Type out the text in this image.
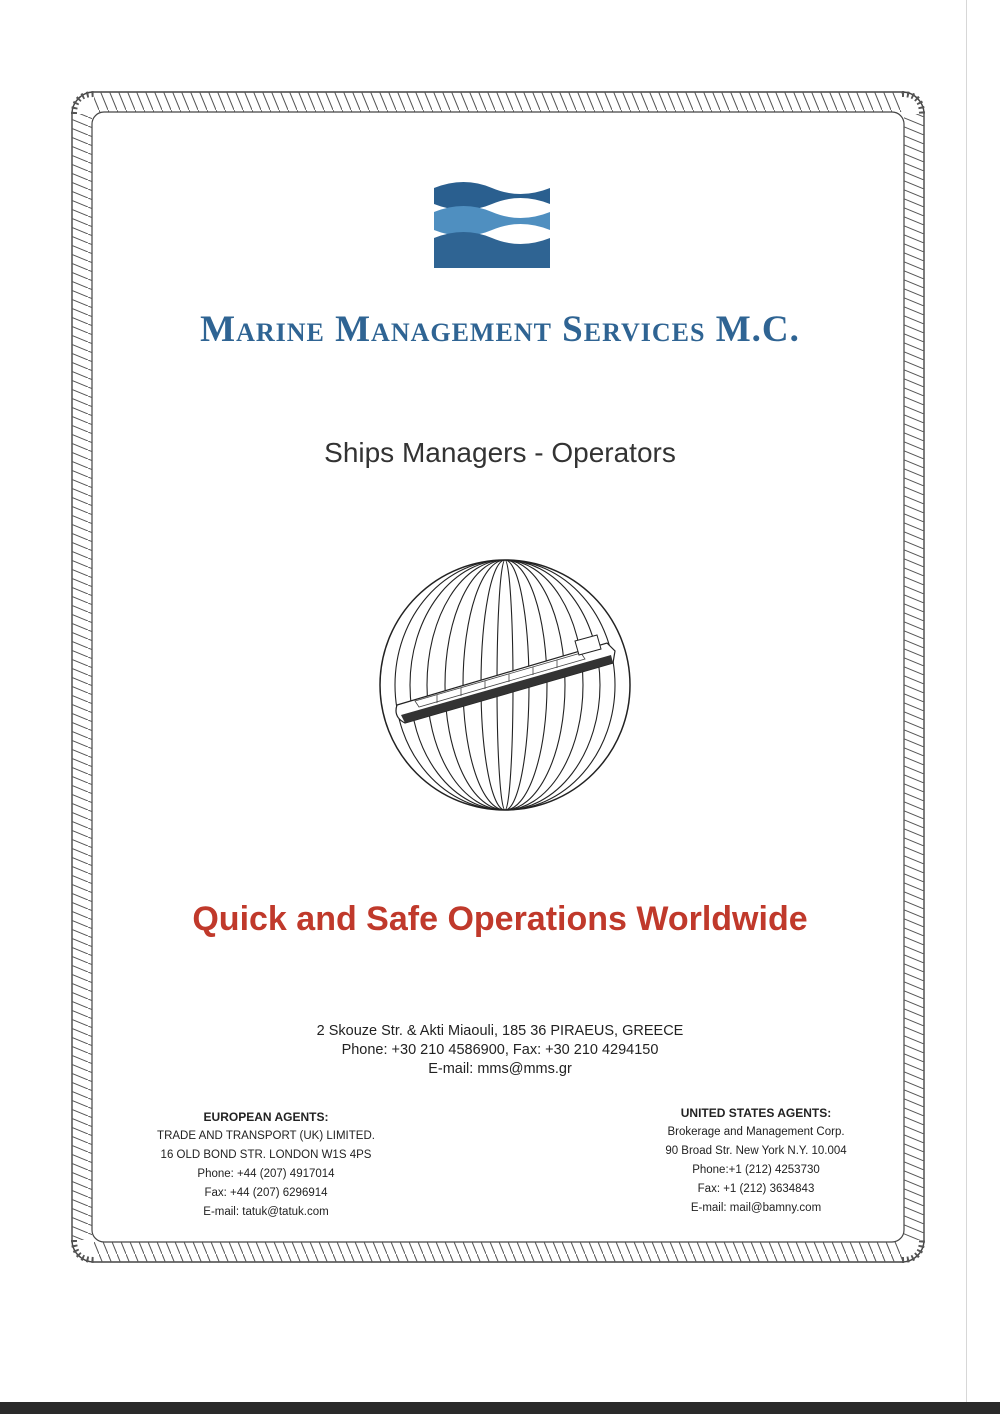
Marine Management Services M.C.
Ships Managers - Operators
Quick and Safe Operations Worldwide
2 Skouze Str. & Akti Miaouli, 185 36 PIRAEUS, GREECE
Phone: +30 210 4586900, Fax: +30 210 4294150
E-mail: mms@mms.gr
EUROPEAN AGENTS:
TRADE AND TRANSPORT (UK) LIMITED.
16 OLD BOND STR. LONDON W1S 4PS
Phone: +44 (207) 4917014
Fax: +44 (207) 6296914
E-mail: tatuk@tatuk.com
UNITED STATES AGENTS:
Brokerage and Management Corp.
90 Broad Str. New York N.Y. 10.004
Phone:+1 (212) 4253730
Fax: +1 (212) 3634843
E-mail: mail@bamny.com
